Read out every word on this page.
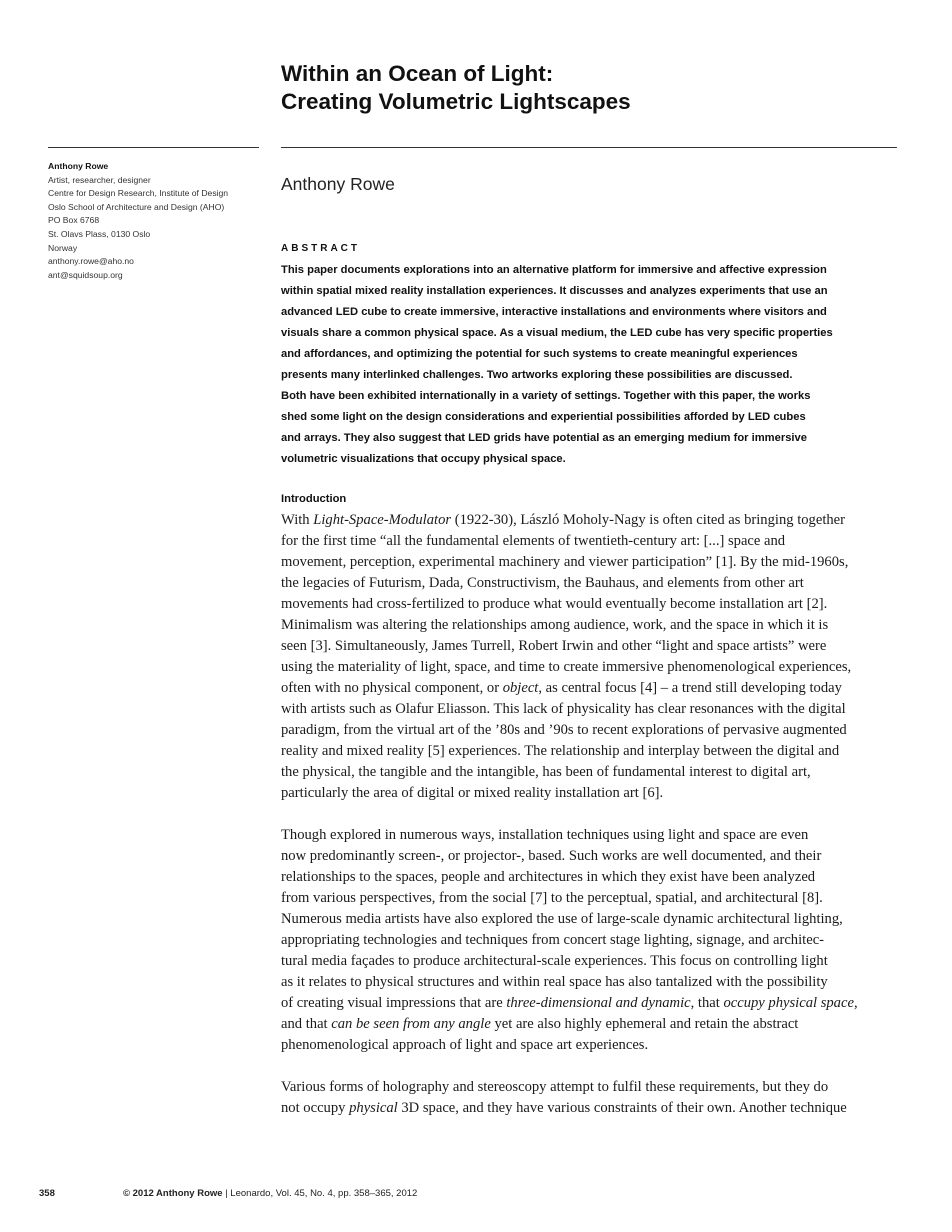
Within an Ocean of Light:
Creating Volumetric Lightscapes
Anthony Rowe
Artist, researcher, designer
Centre for Design Research, Institute of Design
Oslo School of Architecture and Design (AHO)
PO Box 6768
St. Olavs Plass, 0130 Oslo
Norway
anthony.rowe@aho.no
ant@squidsoup.org
Anthony Rowe
ABSTRACT
This paper documents explorations into an alternative platform for immersive and affective expression
within spatial mixed reality installation experiences. It discusses and analyzes experiments that use an
advanced LED cube to create immersive, interactive installations and environments where visitors and
visuals share a common physical space. As a visual medium, the LED cube has very specific properties
and affordances, and optimizing the potential for such systems to create meaningful experiences
presents many interlinked challenges. Two artworks exploring these possibilities are discussed.
Both have been exhibited internationally in a variety of settings. Together with this paper, the works
shed some light on the design considerations and experiential possibilities afforded by LED cubes
and arrays. They also suggest that LED grids have potential as an emerging medium for immersive
volumetric visualizations that occupy physical space.
Introduction
With Light-Space-Modulator (1922-30), László Moholy-Nagy is often cited as bringing together
for the first time “all the fundamental elements of twentieth-century art: [...] space and
movement, perception, experimental machinery and viewer participation” [1]. By the mid-1960s,
the legacies of Futurism, Dada, Constructivism, the Bauhaus, and elements from other art
movements had cross-fertilized to produce what would eventually become installation art [2].
Minimalism was altering the relationships among audience, work, and the space in which it is
seen [3]. Simultaneously, James Turrell, Robert Irwin and other “light and space artists” were
using the materiality of light, space, and time to create immersive phenomenological experiences,
often with no physical component, or object, as central focus [4] – a trend still developing today
with artists such as Olafur Eliasson. This lack of physicality has clear resonances with the digital
paradigm, from the virtual art of the ’80s and ’90s to recent explorations of pervasive augmented
reality and mixed reality [5] experiences. The relationship and interplay between the digital and
the physical, the tangible and the intangible, has been of fundamental interest to digital art,
particularly the area of digital or mixed reality installation art [6].
Though explored in numerous ways, installation techniques using light and space are even
now predominantly screen-, or projector-, based. Such works are well documented, and their
relationships to the spaces, people and architectures in which they exist have been analyzed
from various perspectives, from the social [7] to the perceptual, spatial, and architectural [8].
Numerous media artists have also explored the use of large-scale dynamic architectural lighting,
appropriating technologies and techniques from concert stage lighting, signage, and architec-
tural media façades to produce architectural-scale experiences. This focus on controlling light
as it relates to physical structures and within real space has also tantalized with the possibility
of creating visual impressions that are three-dimensional and dynamic, that occupy physical space,
and that can be seen from any angle yet are also highly ephemeral and retain the abstract
phenomenological approach of light and space art experiences.
Various forms of holography and stereoscopy attempt to fulfil these requirements, but they do
not occupy physical 3D space, and they have various constraints of their own. Another technique
358	© 2012 Anthony Rowe | Leonardo, Vol. 45, No. 4, pp. 358–365, 2012
